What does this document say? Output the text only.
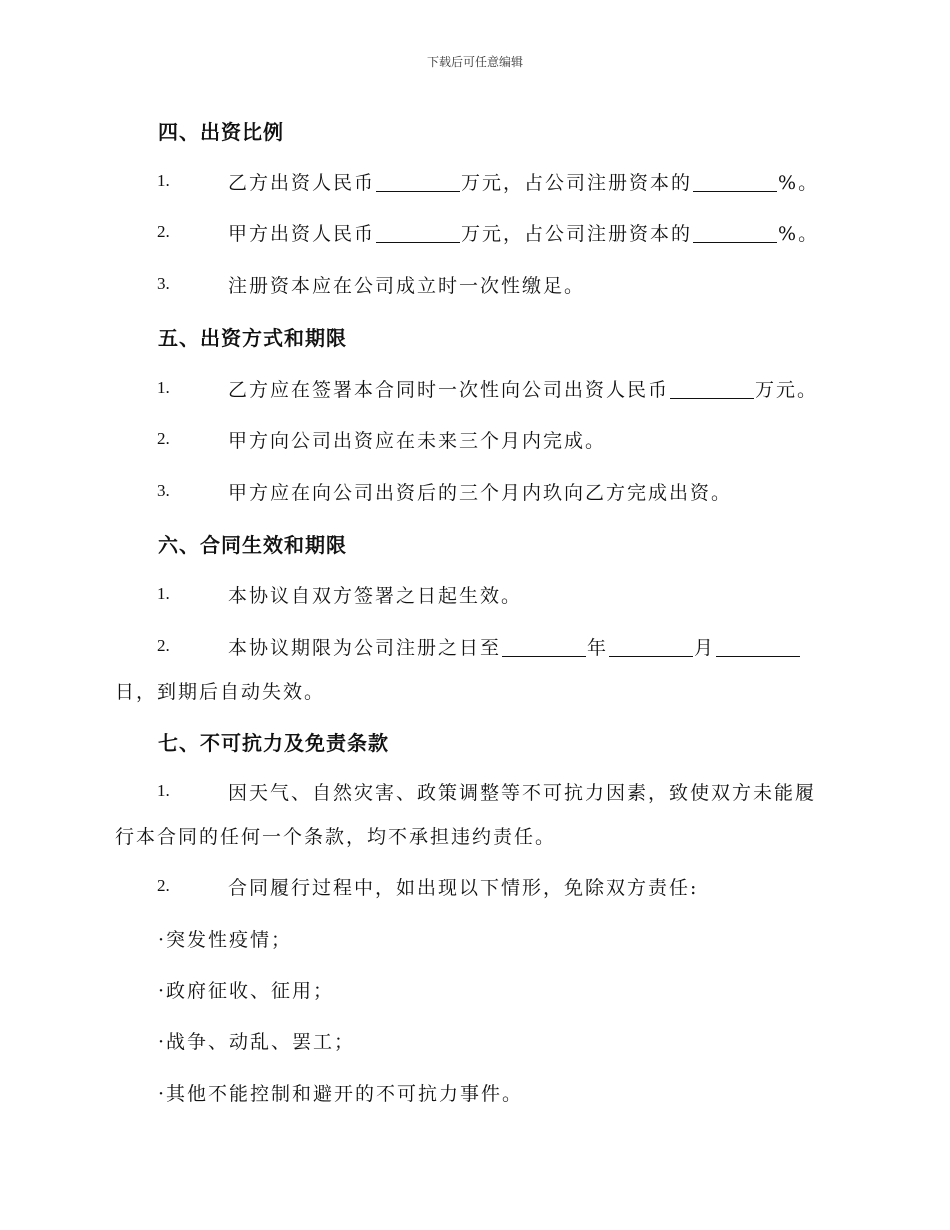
下载后可任意编辑
四、出资比例
1.	乙方出资人民币	万元，占公司注册资本的	%。
2.	甲方出资人民币	万元，占公司注册资本的	%。
3.	注册资本应在公司成立时一次性缴足。
五、出资方式和期限
1.	乙方应在签署本合同时一次性向公司出资人民币	万元。
2.	甲方向公司出资应在未来三个月内完成。
3.	甲方应在向公司出资后的三个月内玖向乙方完成出资。
六、合同生效和期限
1.	本协议自双方签署之日起生效。
2.	本协议期限为公司注册之日至	年	月
日，到期后自动失效。
七、不可抗力及免责条款
1.	因天气、自然灾害、政策调整等不可抗力因素，致使双方未能履
行本合同的任何一个条款，均不承担违约责任。
2.	合同履行过程中，如出现以下情形，免除双方责任:
·突发性疫情；
·政府征收、征用；
·战争、动乱、罢工；
·其他不能控制和避开的不可抗力事件。
